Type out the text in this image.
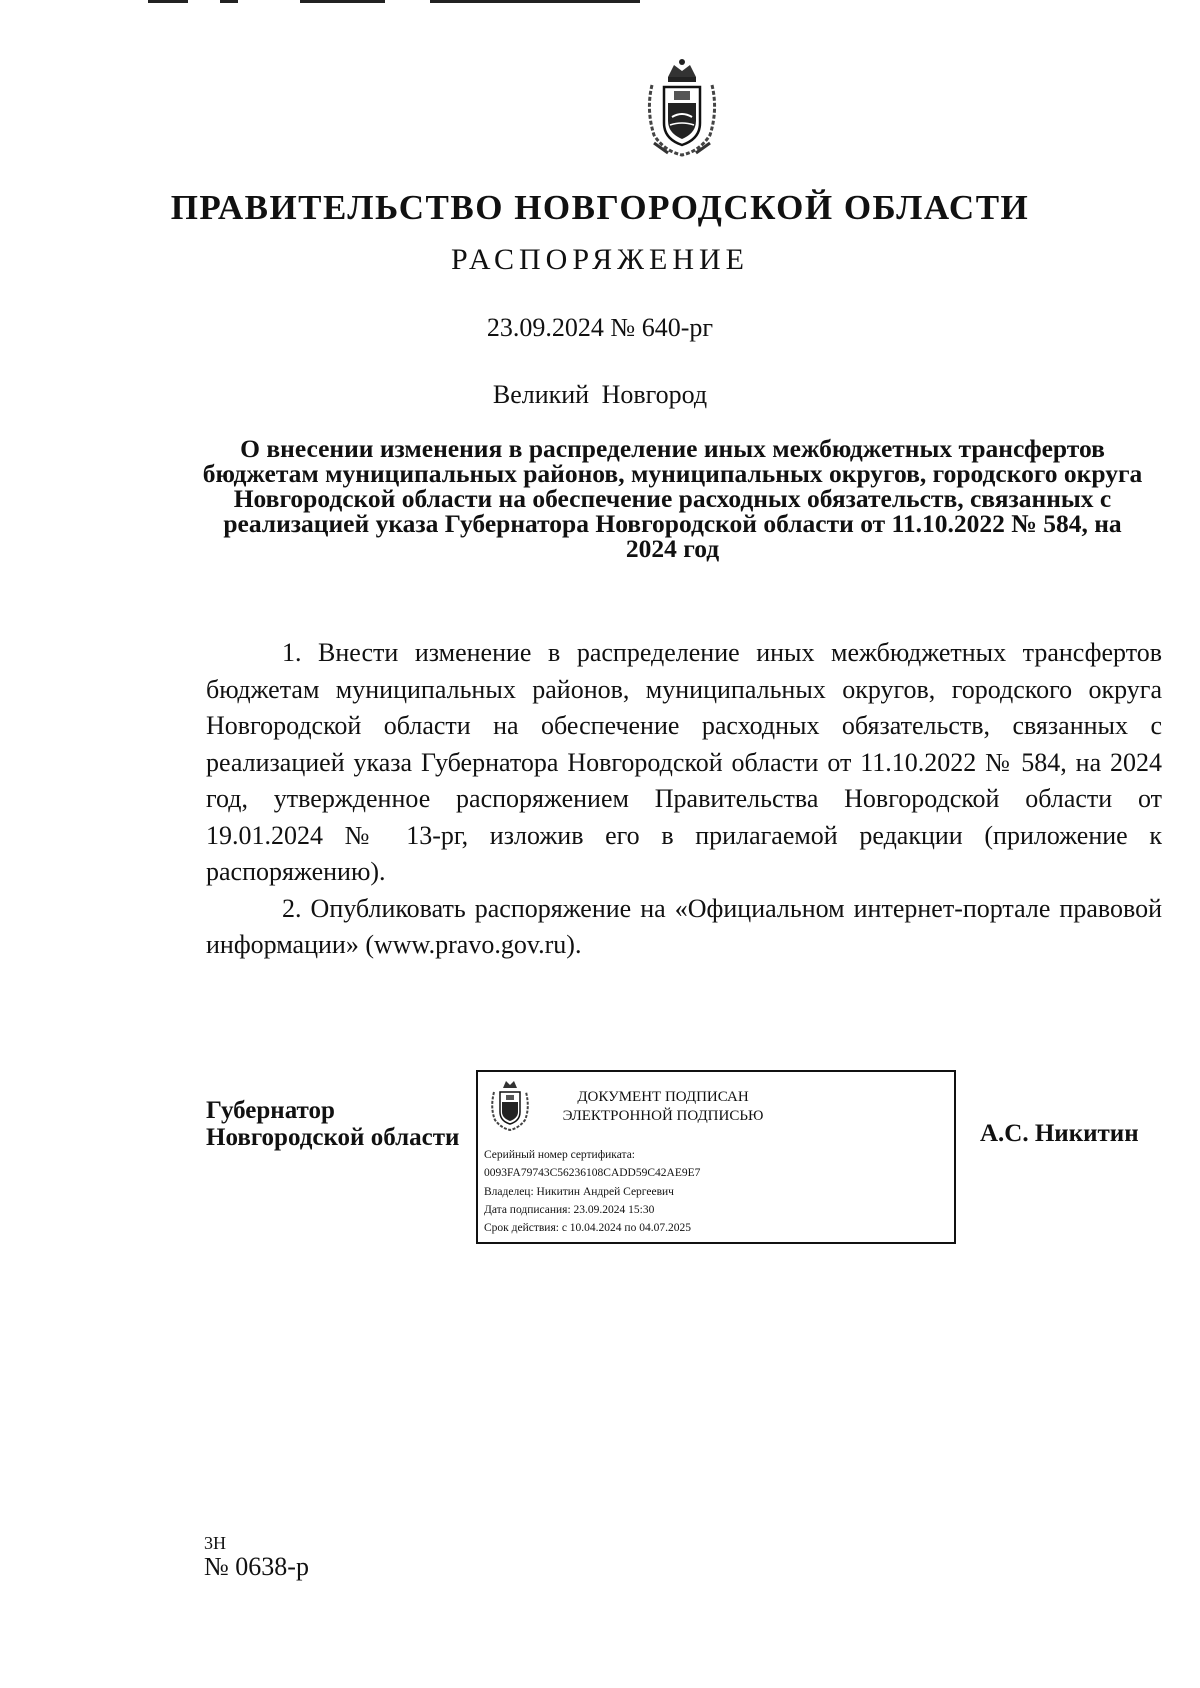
ПРАВИТЕЛЬСТВО НОВГОРОДСКОЙ ОБЛАСТИ
РАСПОРЯЖЕНИЕ
23.09.2024 № 640-рг
Великий Новгород
О внесении изменения в распределение иных межбюджетных трансфертов бюджетам муниципальных районов, муниципальных округов, городского округа Новгородской области на обеспечение расходных обязательств, связанных с реализацией указа Губернатора Новгородской области от 11.10.2022 № 584, на 2024 год

1. Внести изменение в распределение иных межбюджетных трансфертов бюджетам муниципальных районов, муниципальных округов, городского округа Новгородской области на обеспечение расходных обязательств, связанных с реализацией указа Губернатора Новгородской области от 11.10.2022 № 584, на 2024 год, утвержденное распоряжением Правительства Новгородской области от 19.01.2024 № 13-рг, изложив его в прилагаемой редакции (приложение к распоряжению).

2. Опубликовать распоряжение на «Официальном интернет-портале правовой информации» (www.pravo.gov.ru).

Губернатор
Новгородской области
ДОКУМЕНТ ПОДПИСАН
ЭЛЕКТРОННОЙ ПОДПИСЬЮ
Серийный номер сертификата:
0093FA79743C56236108CADD59C42AE9E7
Владелец: Никитин Андрей Сергеевич
Дата подписания: 23.09.2024 15:30
Срок действия: с 10.04.2024 по 04.07.2025
А.С. Никитин
3Н
№ 0638-р
